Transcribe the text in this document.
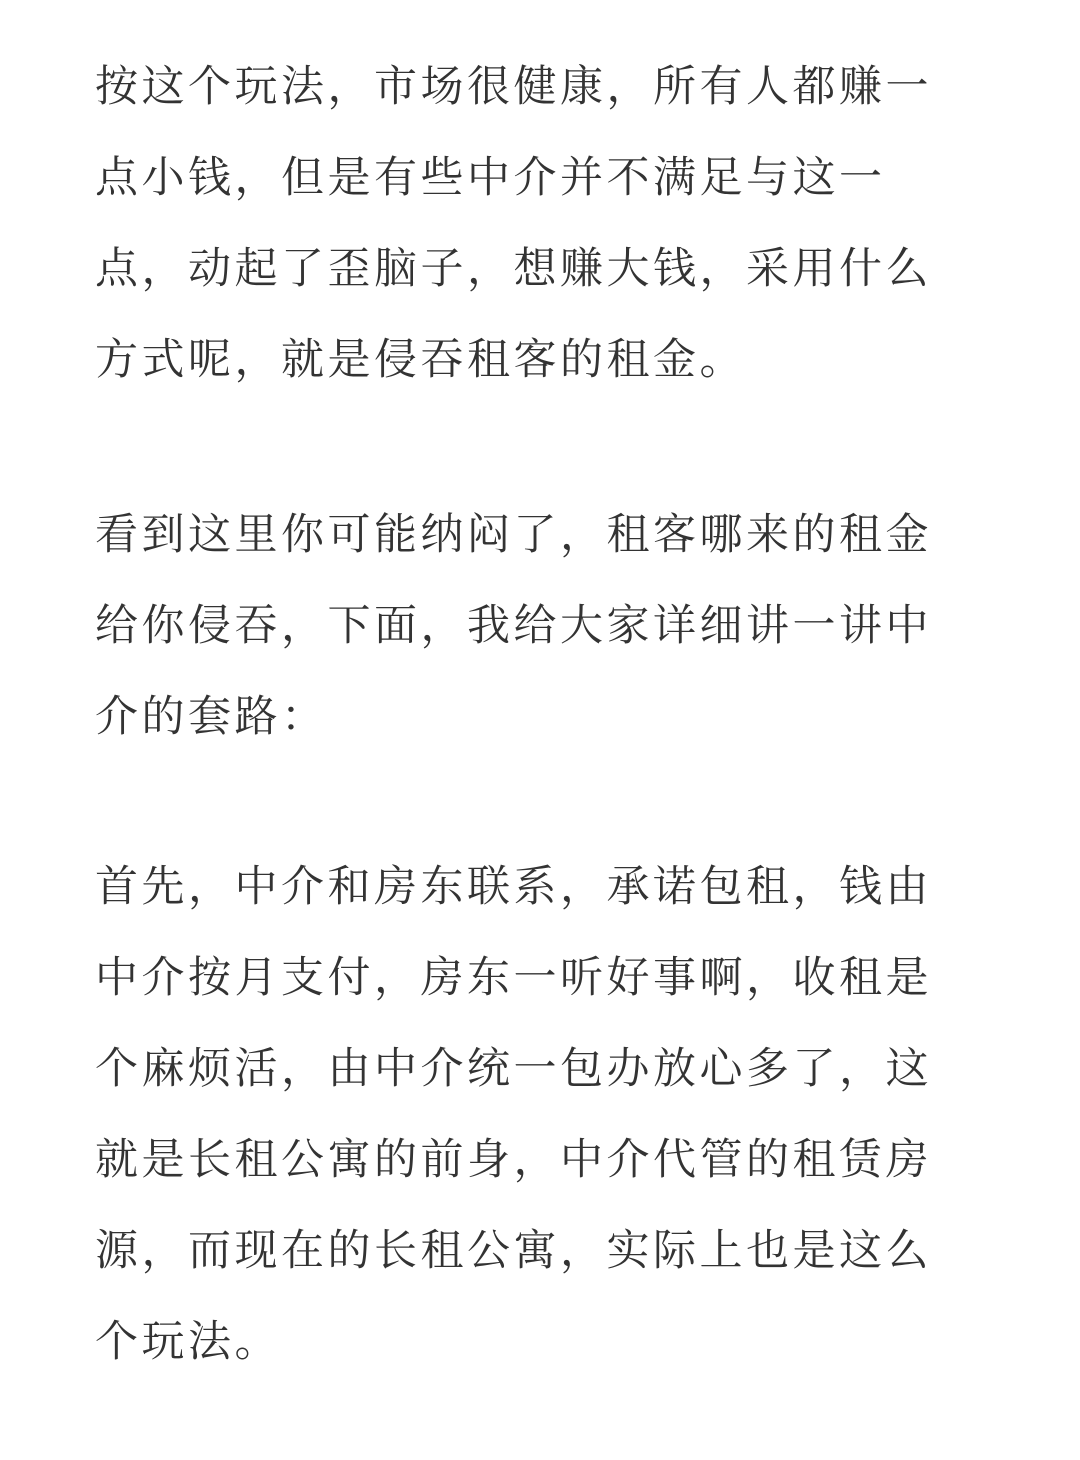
按这个玩法，市场很健康，所有人都赚一
点小钱，但是有些中介并不满足与这一
点，动起了歪脑子，想赚大钱，采用什么
方式呢，就是侵吞租客的租金。
看到这里你可能纳闷了，租客哪来的租金
给你侵吞，下面，我给大家详细讲一讲中
介的套路：
首先，中介和房东联系，承诺包租，钱由
中介按月支付，房东一听好事啊，收租是
个麻烦活，由中介统一包办放心多了，这
就是长租公寓的前身，中介代管的租赁房
源，而现在的长租公寓，实际上也是这么
个玩法。
